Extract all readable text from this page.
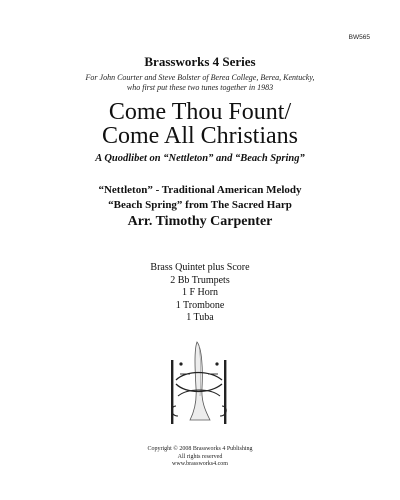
BW565
Brassworks 4 Series
For John Courter and Steve Bolster of Berea College, Berea, Kentucky,
who first put these two tunes together in 1983
Come Thou Fount/
Come All Christians
A Quodlibet on “Nettleton” and “Beach Spring”
“Nettleton” - Traditional American Melody
“Beach Spring” from The Sacred Harp
Arr. Timothy Carpenter
Brass Quintet plus Score
2 Bb Trumpets
1 F Horn
1 Trombone
1 Tuba
Copyright © 2008 Brassworks 4 Publishing
All rights reserved
www.brassworks4.com
